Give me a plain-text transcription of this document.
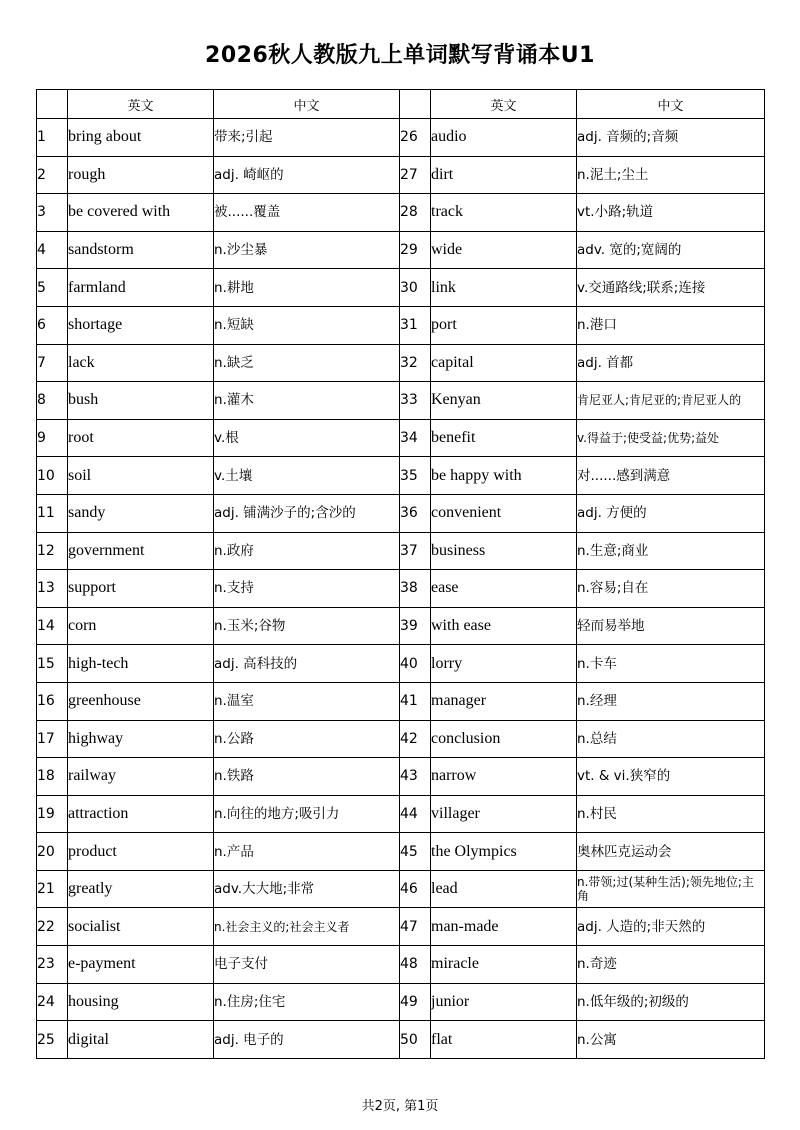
2026秋人教版九上单词默写背诵本U1
	英文	中文		英文	中文
1	bring about	带来;引起	26	audio	adj. 音频的;音频
2	rough	adj. 崎岖的	27	dirt	n.泥土;尘土
3	be covered with	被......覆盖	28	track	vt.小路;轨道
4	sandstorm	n.沙尘暴	29	wide	adv. 宽的;宽阔的
5	farmland	n.耕地	30	link	v.交通路线;联系;连接
6	shortage	n.短缺	31	port	n.港口
7	lack	n.缺乏	32	capital	adj. 首都
8	bush	n.灌木	33	Kenyan	肯尼亚人;肯尼亚的;肯尼亚人的
9	root	v.根	34	benefit	v.得益于;使受益;优势;益处
10	soil	v.土壤	35	be happy with	对......感到满意
11	sandy	adj. 铺满沙子的;含沙的	36	convenient	adj. 方便的
12	government	n.政府	37	business	n.生意;商业
13	support	n.支持	38	ease	n.容易;自在
14	corn	n.玉米;谷物	39	with ease	轻而易举地
15	high-tech	adj. 高科技的	40	lorry	n.卡车
16	greenhouse	n.温室	41	manager	n.经理
17	highway	n.公路	42	conclusion	n.总结
18	railway	n.铁路	43	narrow	vt. & vi.狭窄的
19	attraction	n.向往的地方;吸引力	44	villager	n.村民
20	product	n.产品	45	the Olympics	奥林匹克运动会
21	greatly	adv.大大地;非常	46	lead	n.带领;过(某种生活);领先地位;主角
22	socialist	n.社会主义的;社会主义者	47	man-made	adj. 人造的;非天然的
23	e-payment	电子支付	48	miracle	n.奇迹
24	housing	n.住房;住宅	49	junior	n.低年级的;初级的
25	digital	adj. 电子的	50	flat	n.公寓
共2页, 第1页
